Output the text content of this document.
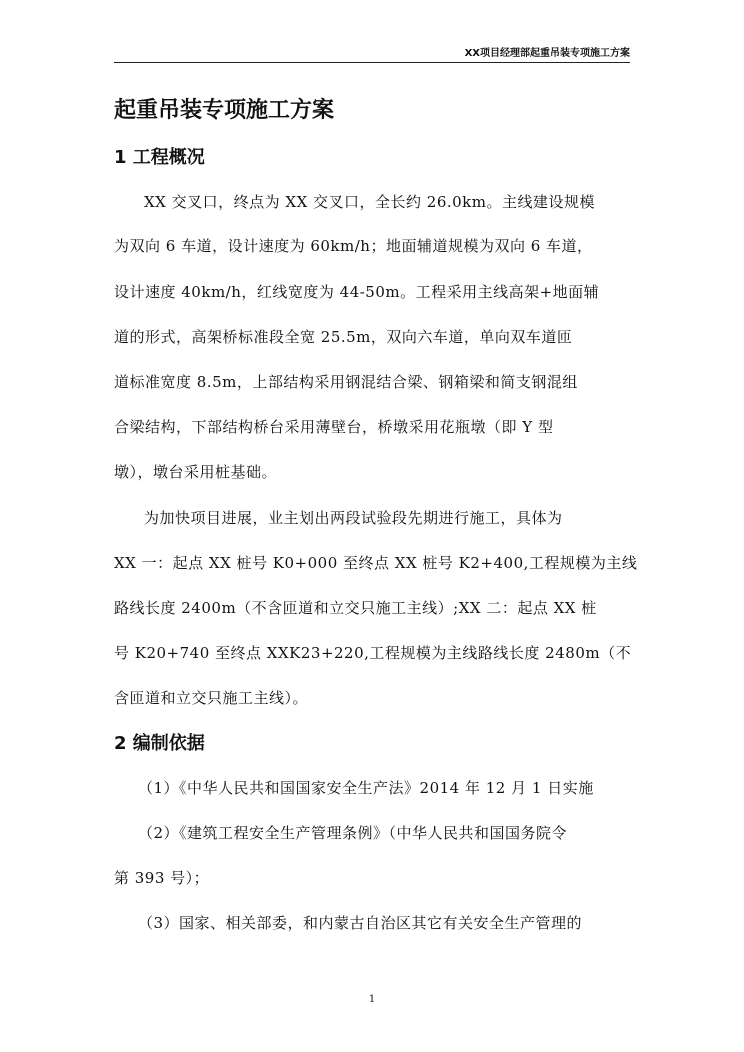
XX项目经理部起重吊装专项施工方案
起重吊装专项施工方案
1 工程概况

XX 交叉口，终点为 XX 交叉口，全长约 26.0km。主线建设规模

为双向 6 车道，设计速度为 60km/h；地面辅道规模为双向 6 车道，

设计速度 40km/h，红线宽度为 44-50m。工程采用主线高架+地面辅

道的形式，高架桥标准段全宽 25.5m，双向六车道，单向双车道匝

道标准宽度 8.5m，上部结构采用钢混结合梁、钢箱梁和简支钢混组

合梁结构，下部结构桥台采用薄壁台，桥墩采用花瓶墩（即 Y 型

墩），墩台采用桩基础。

为加快项目进展，业主划出两段试验段先期进行施工，具体为

XX 一：起点 XX 桩号 K0+000 至终点 XX 桩号 K2+400,工程规模为主线

路线长度 2400m（不含匝道和立交只施工主线）;XX 二：起点 XX 桩

号 K20+740 至终点 XXK23+220,工程规模为主线路线长度 2480m（不

含匝道和立交只施工主线）。

2 编制依据

（1）《中华人民共和国国家安全生产法》2014 年 12 月 1 日实施

（2）《建筑工程安全生产管理条例》（中华人民共和国国务院令

第 393 号）；

（3）国家、相关部委，和内蒙古自治区其它有关安全生产管理的

1
